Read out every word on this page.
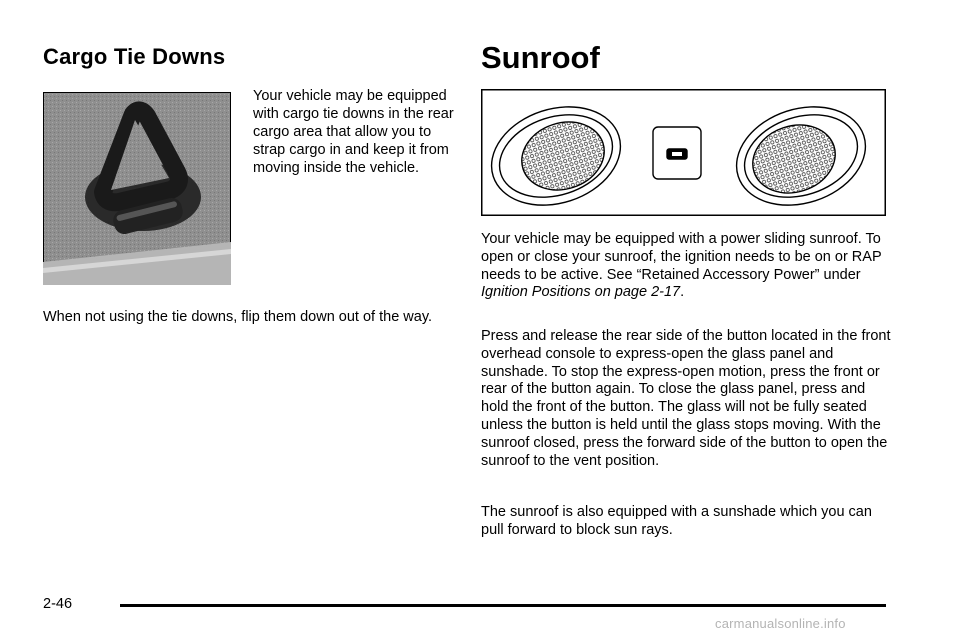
Cargo Tie Downs

Your vehicle may be equipped with cargo tie downs in the rear cargo area that allow you to strap cargo in and keep it from moving inside the vehicle.

When not using the tie downs, flip them down out of the way.

Sunroof

Your vehicle may be equipped with a power sliding sunroof. To open or close your sunroof, the ignition needs to be on or RAP needs to be active. See “Retained Accessory Power” under Ignition Positions on page 2-17.

Press and release the rear side of the button located in the front overhead console to express-open the glass panel and sunshade. To stop the express-open motion, press the front or rear of the button again. To close the glass panel, press and hold the front of the button. The glass will not be fully seated unless the button is held until the glass stops moving. With the sunroof closed, press the forward side of the button to open the sunroof to the vent position.

The sunroof is also equipped with a sunshade which you can pull forward to block sun rays.

2-46

carmanualsonline.info
